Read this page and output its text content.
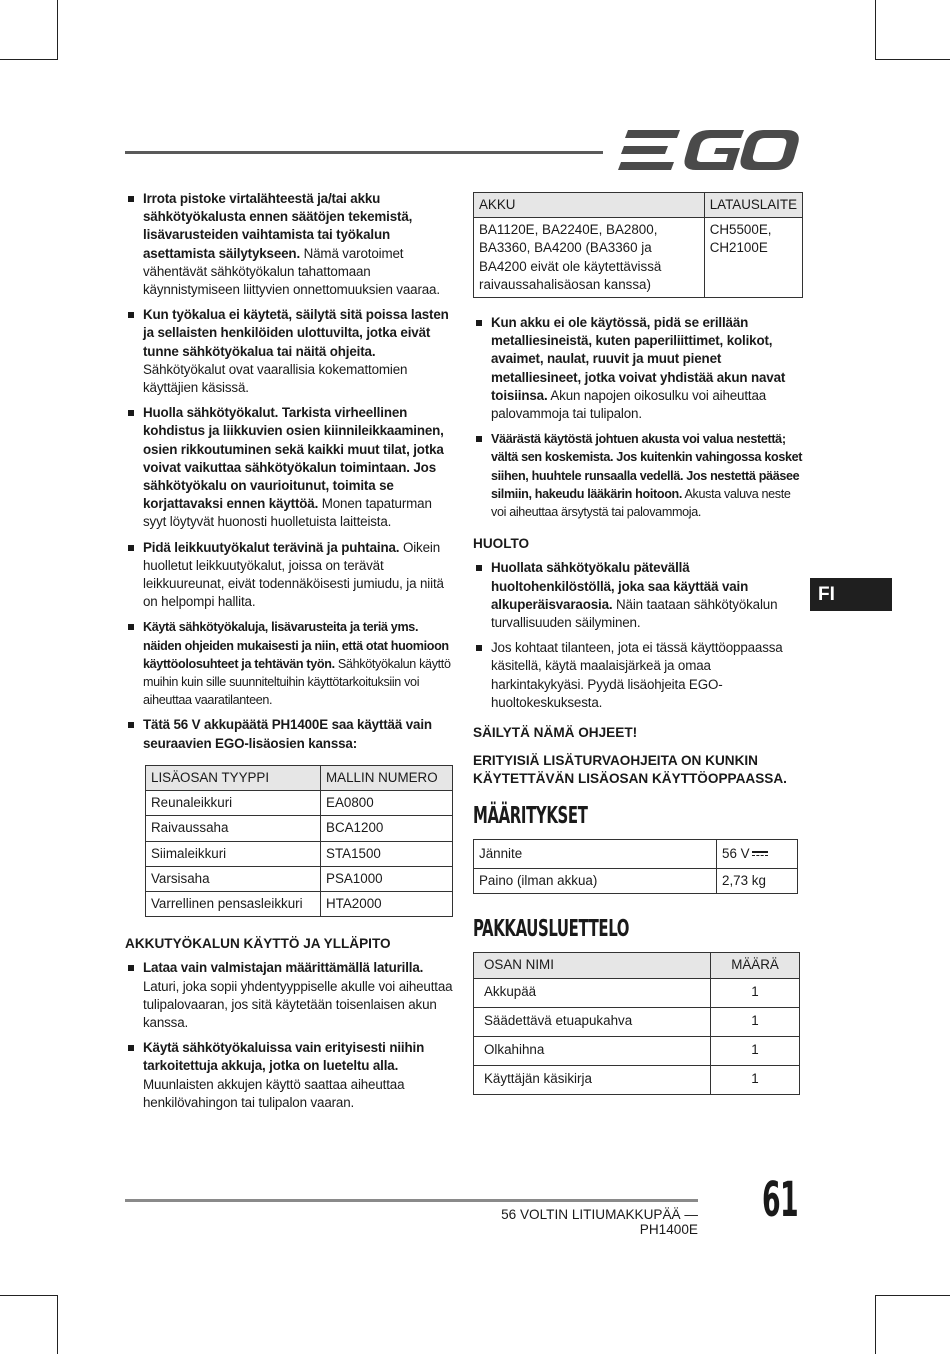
FI
Irrota pistoke virtalähteestä ja/tai akku sähkötyökalusta ennen säätöjen tekemistä, lisävarusteiden vaihtamista tai työkalun asettamista säilytykseen. Nämä varotoimet vähentävät sähkötyökalun tahattomaan käynnistymiseen liittyvien onnettomuuksien vaaraa.
Kun työkalua ei käytetä, säilytä sitä poissa lasten ja sellaisten henkilöiden ulottuvilta, jotka eivät tunne sähkötyökalua tai näitä ohjeita. Sähkötyökalut ovat vaarallisia kokemattomien käyttäjien käsissä.
Huolla sähkötyökalut. Tarkista virheellinen kohdistus ja liikkuvien osien kiinnileikkaaminen, osien rikkoutuminen sekä kaikki muut tilat, jotka voivat vaikuttaa sähkötyökalun toimintaan. Jos sähkötyökalu on vaurioitunut, toimita se korjattavaksi ennen käyttöä. Monen tapaturman syyt löytyvät huonosti huolletuista laitteista.
Pidä leikkuutyökalut terävinä ja puhtaina. Oikein huolletut leikkuutyökalut, joissa on terävät leikkuureunat, eivät todennäköisesti jumiudu, ja niitä on helpompi hallita.
Käytä sähkötyökaluja, lisävarusteita ja teriä yms. näiden ohjeiden mukaisesti ja niin, että otat huomioon käyttöolosuhteet ja tehtävän työn. Sähkötyökalun käyttö muihin kuin sille suunniteltuihin käyttötarkoituksiin voi aiheuttaa vaaratilanteen.
Tätä 56 V akkupäätä PH1400E saa käyttää vain seuraavien EGO-lisäosien kanssa:
LISÄOSAN TYYPPI	MALLIN NUMERO
Reunaleikkuri	EA0800
Raivaussaha	BCA1200
Siimaleikkuri	STA1500
Varsisaha	PSA1000
Varrellinen pensasleikkuri	HTA2000
AKKUTYÖKALUN KÄYTTÖ JA YLLÄPITO
Lataa vain valmistajan määrittämällä laturilla. Laturi, joka sopii yhdentyyppiselle akulle voi aiheuttaa tulipalovaaran, jos sitä käytetään toisenlaisen akun kanssa.
Käytä sähkötyökaluissa vain erityisesti niihin tarkoitettuja akkuja, jotka on lueteltu alla. Muunlaisten akkujen käyttö saattaa aiheuttaa henkilövahingon tai tulipalon vaaran.
AKKU	LATAUSLAITE
BA1120E, BA2240E, BA2800, BA3360, BA4200 (BA3360 ja BA4200 eivät ole käytettävissä raivaussahalisäosan kanssa)	CH5500E, CH2100E
Kun akku ei ole käytössä, pidä se erillään metalliesineistä, kuten paperiliittimet, kolikot, avaimet, naulat, ruuvit ja muut pienet metalliesineet, jotka voivat yhdistää akun navat toisiinsa. Akun napojen oikosulku voi aiheuttaa palovammoja tai tulipalon.
Väärästä käytöstä johtuen akusta voi valua nestettä; vältä sen koskemista. Jos kuitenkin vahingossa kosket siihen, huuhtele runsaalla vedellä. Jos nestettä pääsee silmiin, hakeudu lääkärin hoitoon. Akusta valuva neste voi aiheuttaa ärsytystä tai palovammoja.
HUOLTO
Huollata sähkötyökalu pätevällä huoltohenkilöstöllä, joka saa käyttää vain alkuperäisvaraosia. Näin taataan sähkötyökalun turvallisuuden säilyminen.
Jos kohtaat tilanteen, jota ei tässä käyttöoppaassa käsitellä, käytä maalaisjärkeä ja omaa harkintakykyäsi. Pyydä lisäohjeita EGO-huoltokeskuksesta.
SÄILYTÄ NÄMÄ OHJEET!
ERITYISIÄ LISÄTURVAOHJEITA ON KUNKIN KÄYTETTÄVÄN LISÄOSAN KÄYTTÖOPPAASSA.
MÄÄRITYKSET
Jännite	56 V
Paino (ilman akkua)	2,73 kg
PAKKAUSLUETTELO
OSAN NIMI	MÄÄRÄ
Akkupää	1
Säädettävä etuapukahva	1
Olkahihna	1
Käyttäjän käsikirja	1
56 VOLTIN LITIUMAKKUPÄÄ — PH1400E
61
